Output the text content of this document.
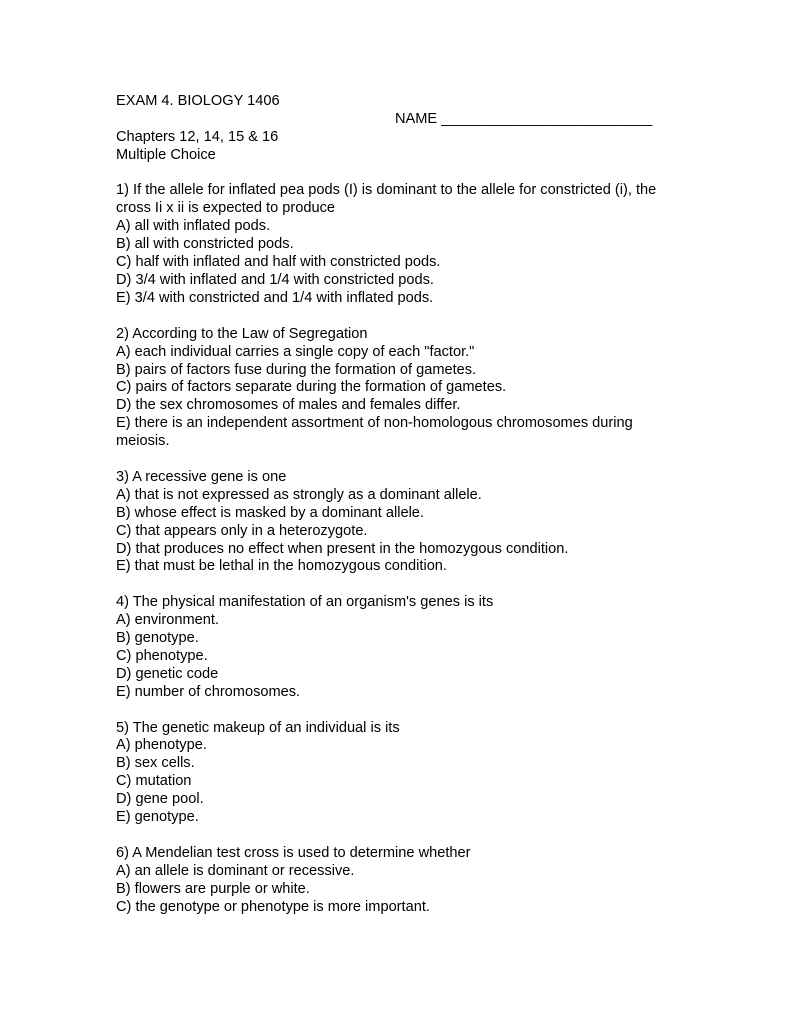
EXAM 4. BIOLOGY 1406
Chapters 12, 14, 15 & 16
Multiple Choice
1) If the allele for inflated pea pods (I) is dominant to the allele for constricted (i), the cross Ii x ii is expected to produce
A) all with inflated pods.
B) all with constricted pods.
C) half with inflated and half with constricted pods.
D) 3/4 with inflated and 1/4 with constricted pods.
E) 3/4 with constricted and 1/4 with inflated pods.
2) According to the Law of Segregation
A) each individual carries a single copy of each "factor."
B) pairs of factors fuse during the formation of gametes.
C) pairs of factors separate during the formation of gametes.
D) the sex chromosomes of males and females differ.
E) there is an independent assortment of non-homologous chromosomes during meiosis.
3) A recessive gene is one
A) that is not expressed as strongly as a dominant allele.
B) whose effect is masked by a dominant allele.
C) that appears only in a heterozygote.
D) that produces no effect when present in the homozygous condition.
E) that must be lethal in the homozygous condition.
4) The physical manifestation of an organism's genes is its
A) environment.
B) genotype.
C) phenotype.
D) genetic code
E) number of chromosomes.
5) The genetic makeup of an individual is its
A) phenotype.
B) sex cells.
C) mutation
D) gene pool.
E) genotype.
6) A Mendelian test cross is used to determine whether
A) an allele is dominant or recessive.
B) flowers are purple or white.
C) the genotype or phenotype is more important.
NAME __________________________
